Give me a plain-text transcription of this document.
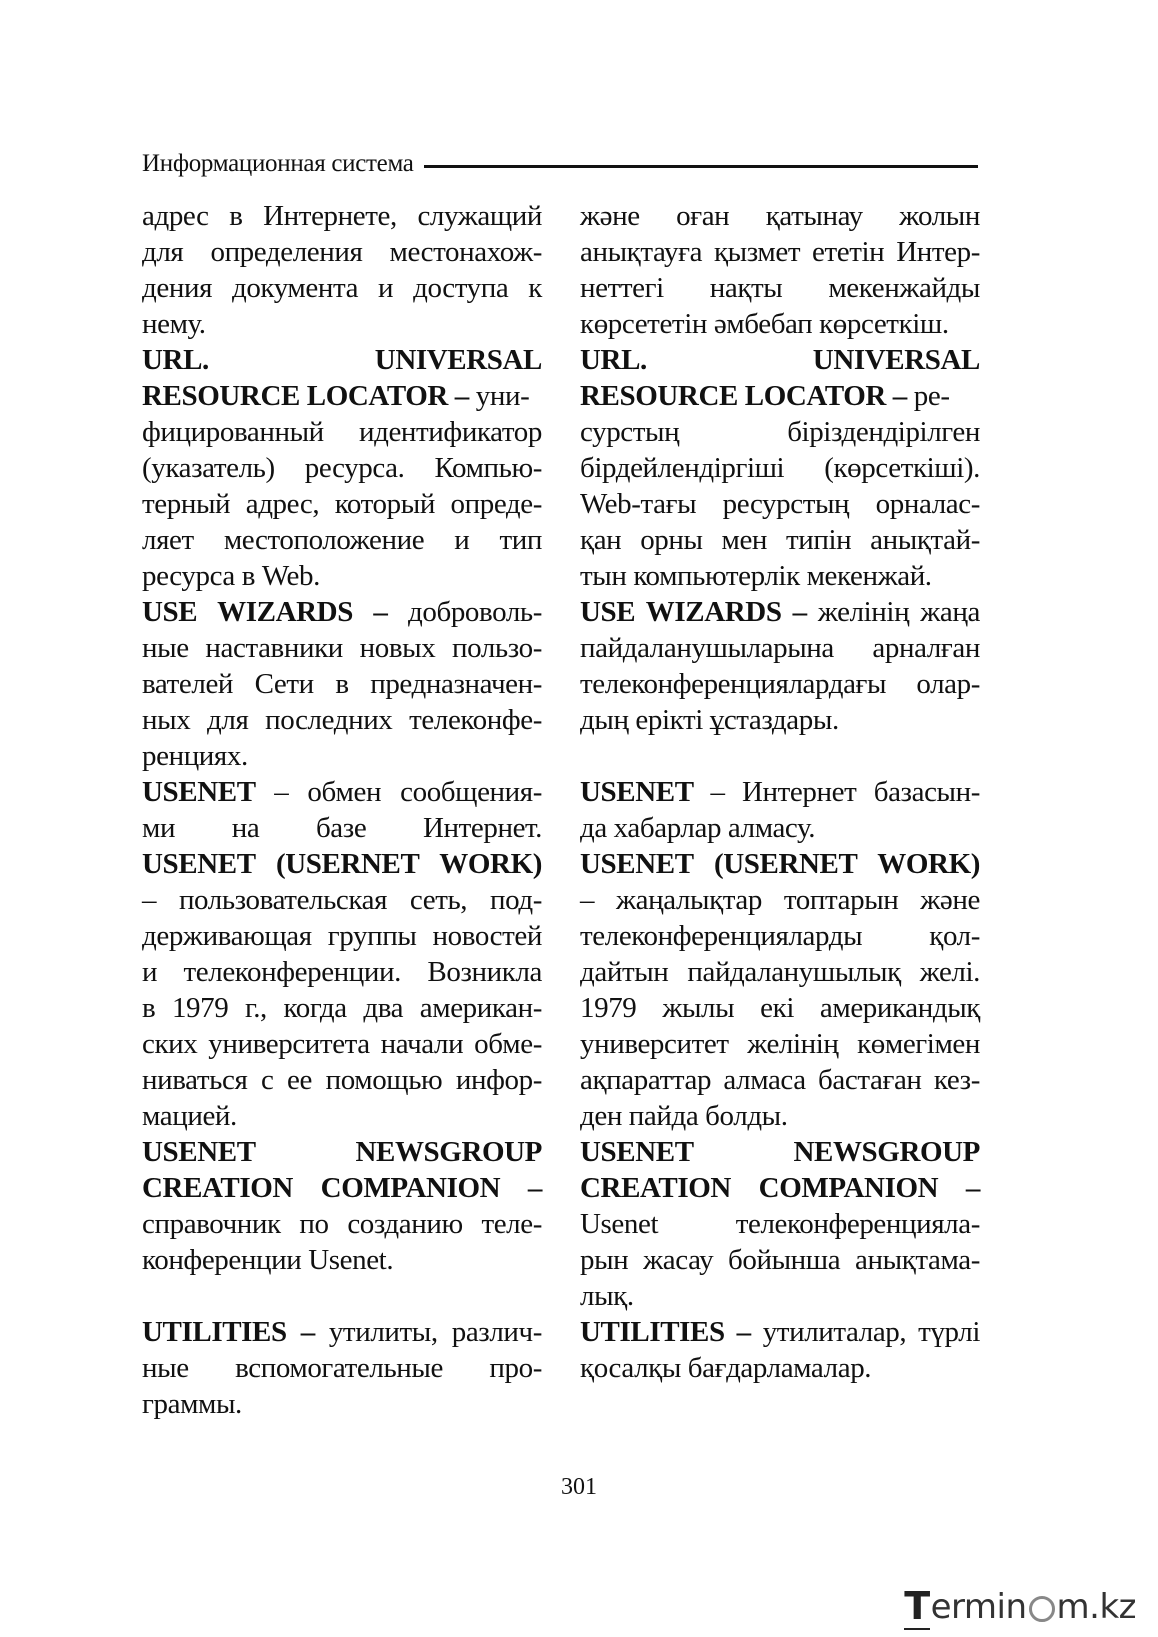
Информационная система
адрес в Интернете, служащий
для определения местонахож-
дения документа и доступа к
нему.
URL. UNIVERSAL
RESOURCE LOCATOR – уни-
фицированный идентификатор
(указатель) ресурса. Компью-
терный адрес, который опреде-
ляет местоположение и тип
ресурса в Web.
USE WIZARDS – доброволь-
ные наставники новых пользо-
вателей Сети в предназначен-
ных для последних телеконфе-
ренциях.
USENET – обмен сообщения-
ми на базе Интернет.
USENET (USERNET WORK)
– пользовательская сеть, под-
держивающая группы новостей
и телеконференции. Возникла
в 1979 г., когда два американ-
ских университета начали обме-
ниваться с ее помощью инфор-
мацией.
USENET NEWSGROUP
CREATION COMPANION –
справочник по созданию теле-
конференции Usenet.
UTILITIES – утилиты, различ-
ные вспомогательные про-
граммы.
және оған қатынау жолын
анықтауға қызмет ететін Интер-
неттегі нақты мекенжайды
көрсететін әмбебап көрсеткіш.
URL. UNIVERSAL
RESOURCE LOCATOR – ре-
сурстың біріздендірілген
бірдейлендіргіші (көрсеткіші).
Web-тағы ресурстың орналас-
қан орны мен типін анықтай-
тын компьютерлік мекенжай.
USE WIZARDS – желінің жаңа
пайдаланушыларына арналған
телеконференциялардағы олар-
дың ерікті ұстаздары.
USENET – Интернет базасын-
да хабарлар алмасу.
USENET (USERNET WORK)
– жаңалықтар топтарын және
телеконференцияларды қол-
дайтын пайдаланушылық желі.
1979 жылы екі американдық
университет желінің көмегімен
ақпараттар алмаса бастаған кез-
ден пайда болды.
USENET NEWSGROUP
CREATION COMPANION –
Usenet телеконференцияла-
рын жасау бойынша анықтама-
лық.
UTILITIES – утилиталар, түрлі
қосалқы бағдарламалар.
301
T ermin m.kz
